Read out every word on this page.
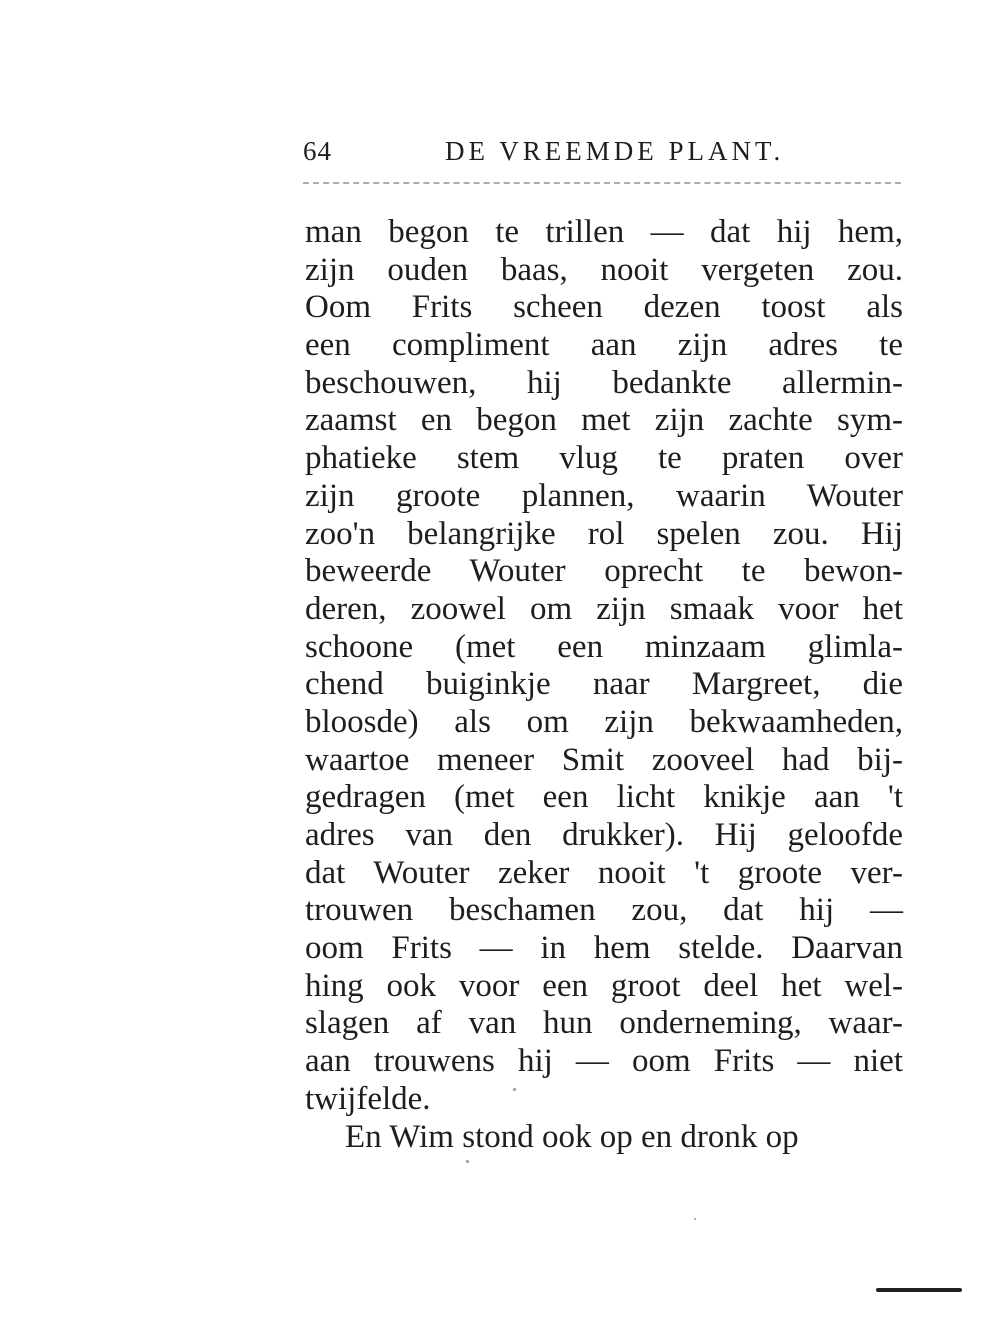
64	DE VREEMDE PLANT.
man begon te trillen — dat hij hem,
zijn ouden baas, nooit vergeten zou.
Oom Frits scheen dezen toost als
een compliment aan zijn adres te
beschouwen, hij bedankte allermin-
zaamst en begon met zijn zachte sym-
phatieke stem vlug te praten over
zijn groote plannen, waarin Wouter
zoo'n belangrijke rol spelen zou. Hij
beweerde Wouter oprecht te bewon-
deren, zoowel om zijn smaak voor het
schoone (met een minzaam glimla-
chend buiginkje naar Margreet, die
bloosde) als om zijn bekwaamheden,
waartoe meneer Smit zooveel had bij-
gedragen (met een licht knikje aan 't
adres van den drukker). Hij geloofde
dat Wouter zeker nooit 't groote ver-
trouwen beschamen zou, dat hij —
oom Frits — in hem stelde. Daarvan
hing ook voor een groot deel het wel-
slagen af van hun onderneming, waar-
aan trouwens hij — oom Frits — niet
twijfelde.
En Wim stond ook op en dronk op
